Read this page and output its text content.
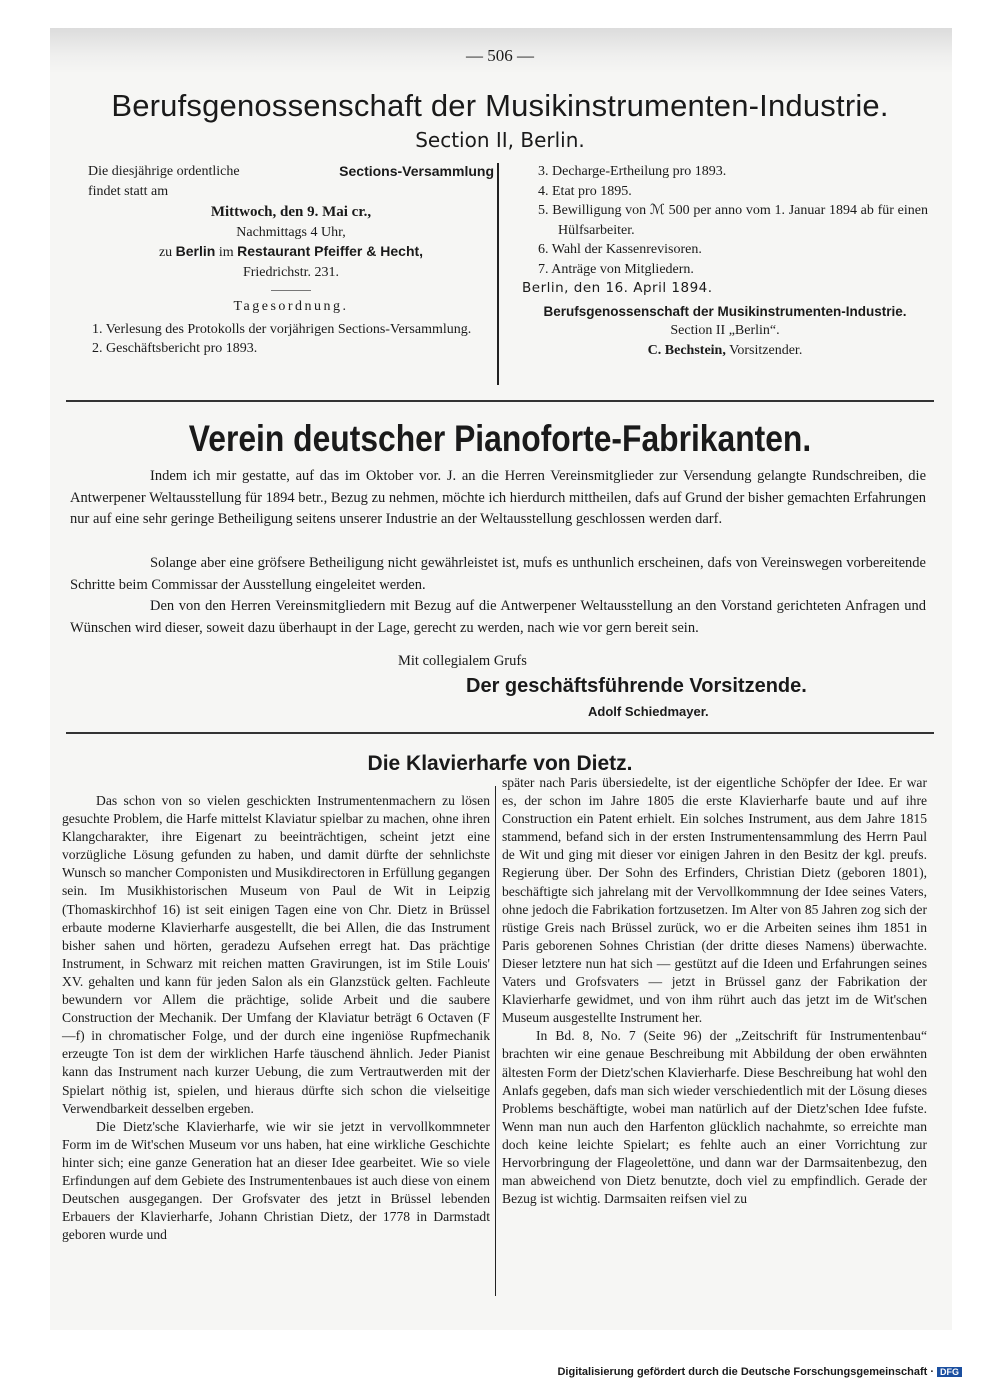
— 506 —
Berufsgenossenschaft der Musikinstrumenten-Industrie.
Section II, Berlin.
Die diesjährige ordentliche	Sections-Versammlung
findet statt am
Mittwoch, den 9. Mai cr.,
Nachmittags 4 Uhr,
zu Berlin im Restaurant Pfeiffer & Hecht,
Friedrichstr. 231.
Tagesordnung.
1. Verlesung des Protokolls der vorjährigen Sections-Versammlung.
2. Geschäftsbericht pro 1893.
3. Decharge-Ertheilung pro 1893.
4. Etat pro 1895.
5. Bewilligung von ℳ 500 per anno vom 1. Januar 1894 ab für einen Hülfsarbeiter.
6. Wahl der Kassenrevisoren.
7. Anträge von Mitgliedern.
Berlin, den 16. April 1894.
Berufsgenossenschaft der Musikinstrumenten-Industrie.
Section II „Berlin“.
C. Bechstein, Vorsitzender.
Verein deutscher Pianoforte-Fabrikanten.
Indem ich mir gestatte, auf das im Oktober vor. J. an die Herren Vereinsmitglieder zur Versendung gelangte Rundschreiben, die Antwerpener Weltausstellung für 1894 betr., Bezug zu nehmen, möchte ich hierdurch mittheilen, dafs auf Grund der bisher gemachten Erfahrungen nur auf eine sehr geringe Betheiligung seitens unserer Industrie an der Weltausstellung geschlossen werden darf.
Solange aber eine gröfsere Betheiligung nicht gewährleistet ist, mufs es unthunlich erscheinen, dafs von Vereinswegen vorbereitende Schritte beim Commissar der Ausstellung eingeleitet werden.
Den von den Herren Vereinsmitgliedern mit Bezug auf die Antwerpener Weltausstellung an den Vorstand gerichteten Anfragen und Wünschen wird dieser, soweit dazu überhaupt in der Lage, gerecht zu werden, nach wie vor gern bereit sein.
Mit collegialem Grufs
Der geschäftsführende Vorsitzende.
Adolf Schiedmayer.
Die Klavierharfe von Dietz.

Das schon von so vielen geschickten Instrumentenmachern zu lösen gesuchte Problem, die Harfe mittelst Klaviatur spielbar zu machen, ohne ihren Klangcharakter, ihre Eigenart zu beeinträchtigen, scheint jetzt eine vorzügliche Lösung gefunden zu haben, und damit dürfte der sehnlichste Wunsch so mancher Componisten und Musikdirectoren in Erfüllung gegangen sein. Im Musikhistorischen Museum von Paul de Wit in Leipzig (Thomaskirchhof 16) ist seit einigen Tagen eine von Chr. Dietz in Brüssel erbaute moderne Klavierharfe ausgestellt, die bei Allen, die das Instrument bisher sahen und hörten, geradezu Aufsehen erregt hat. Das prächtige Instrument, in Schwarz mit reichen matten Gravirungen, ist im Stile Louis' XV. gehalten und kann für jeden Salon als ein Glanzstück gelten. Fachleute bewundern vor Allem die prächtige, solide Arbeit und die saubere Construction der Mechanik. Der Umfang der Klaviatur beträgt 6 Octaven (F—f) in chromatischer Folge, und der durch eine ingeniöse Rupfmechanik erzeugte Ton ist dem der wirklichen Harfe täuschend ähnlich. Jeder Pianist kann das Instrument nach kurzer Uebung, die zum Vertrautwerden mit der Spielart nöthig ist, spielen, und hieraus dürfte sich schon die vielseitige Verwendbarkeit desselben ergeben.

Die Dietz'sche Klavierharfe, wie wir sie jetzt in vervollkommneter Form im de Wit'schen Museum vor uns haben, hat eine wirkliche Geschichte hinter sich; eine ganze Generation hat an dieser Idee gearbeitet. Wie so viele Erfindungen auf dem Gebiete des Instrumentenbaues ist auch diese von einem Deutschen ausgegangen. Der Grofsvater des jetzt in Brüssel lebenden Erbauers der Klavierharfe, Johann Christian Dietz, der 1778 in Darmstadt geboren wurde und

später nach Paris übersiedelte, ist der eigentliche Schöpfer der Idee. Er war es, der schon im Jahre 1805 die erste Klavierharfe baute und auf ihre Construction ein Patent erhielt. Ein solches Instrument, aus dem Jahre 1815 stammend, befand sich in der ersten Instrumentensammlung des Herrn Paul de Wit und ging mit dieser vor einigen Jahren in den Besitz der kgl. preufs. Regierung über. Der Sohn des Erfinders, Christian Dietz (geboren 1801), beschäftigte sich jahrelang mit der Vervollkommnung der Idee seines Vaters, ohne jedoch die Fabrikation fortzusetzen. Im Alter von 85 Jahren zog sich der rüstige Greis nach Brüssel zurück, wo er die Arbeiten seines ihm 1851 in Paris geborenen Sohnes Christian (der dritte dieses Namens) überwachte. Dieser letztere nun hat sich — gestützt auf die Ideen und Erfahrungen seines Vaters und Grofsvaters — jetzt in Brüssel ganz der Fabrikation der Klavierharfe gewidmet, und von ihm rührt auch das jetzt im de Wit'schen Museum ausgestellte Instrument her.

In Bd. 8, No. 7 (Seite 96) der „Zeitschrift für Instrumentenbau“ brachten wir eine genaue Beschreibung mit Abbildung der oben erwähnten ältesten Form der Dietz'schen Klavierharfe. Diese Beschreibung hat wohl den Anlafs gegeben, dafs man sich wieder verschiedentlich mit der Lösung dieses Problems beschäftigte, wobei man natürlich auf der Dietz'schen Idee fufste. Wenn man nun auch den Harfenton glücklich nachahmte, so erreichte man doch keine leichte Spielart; es fehlte auch an einer Vorrichtung zur Hervorbringung der Flageolettöne, und dann war der Darmsaitenbezug, den man abweichend von Dietz benutzte, doch viel zu empfindlich. Gerade der Bezug ist wichtig. Darmsaiten reifsen viel zu

Digitalisierung gefördert durch die Deutsche Forschungsgemeinschaft · DFG
